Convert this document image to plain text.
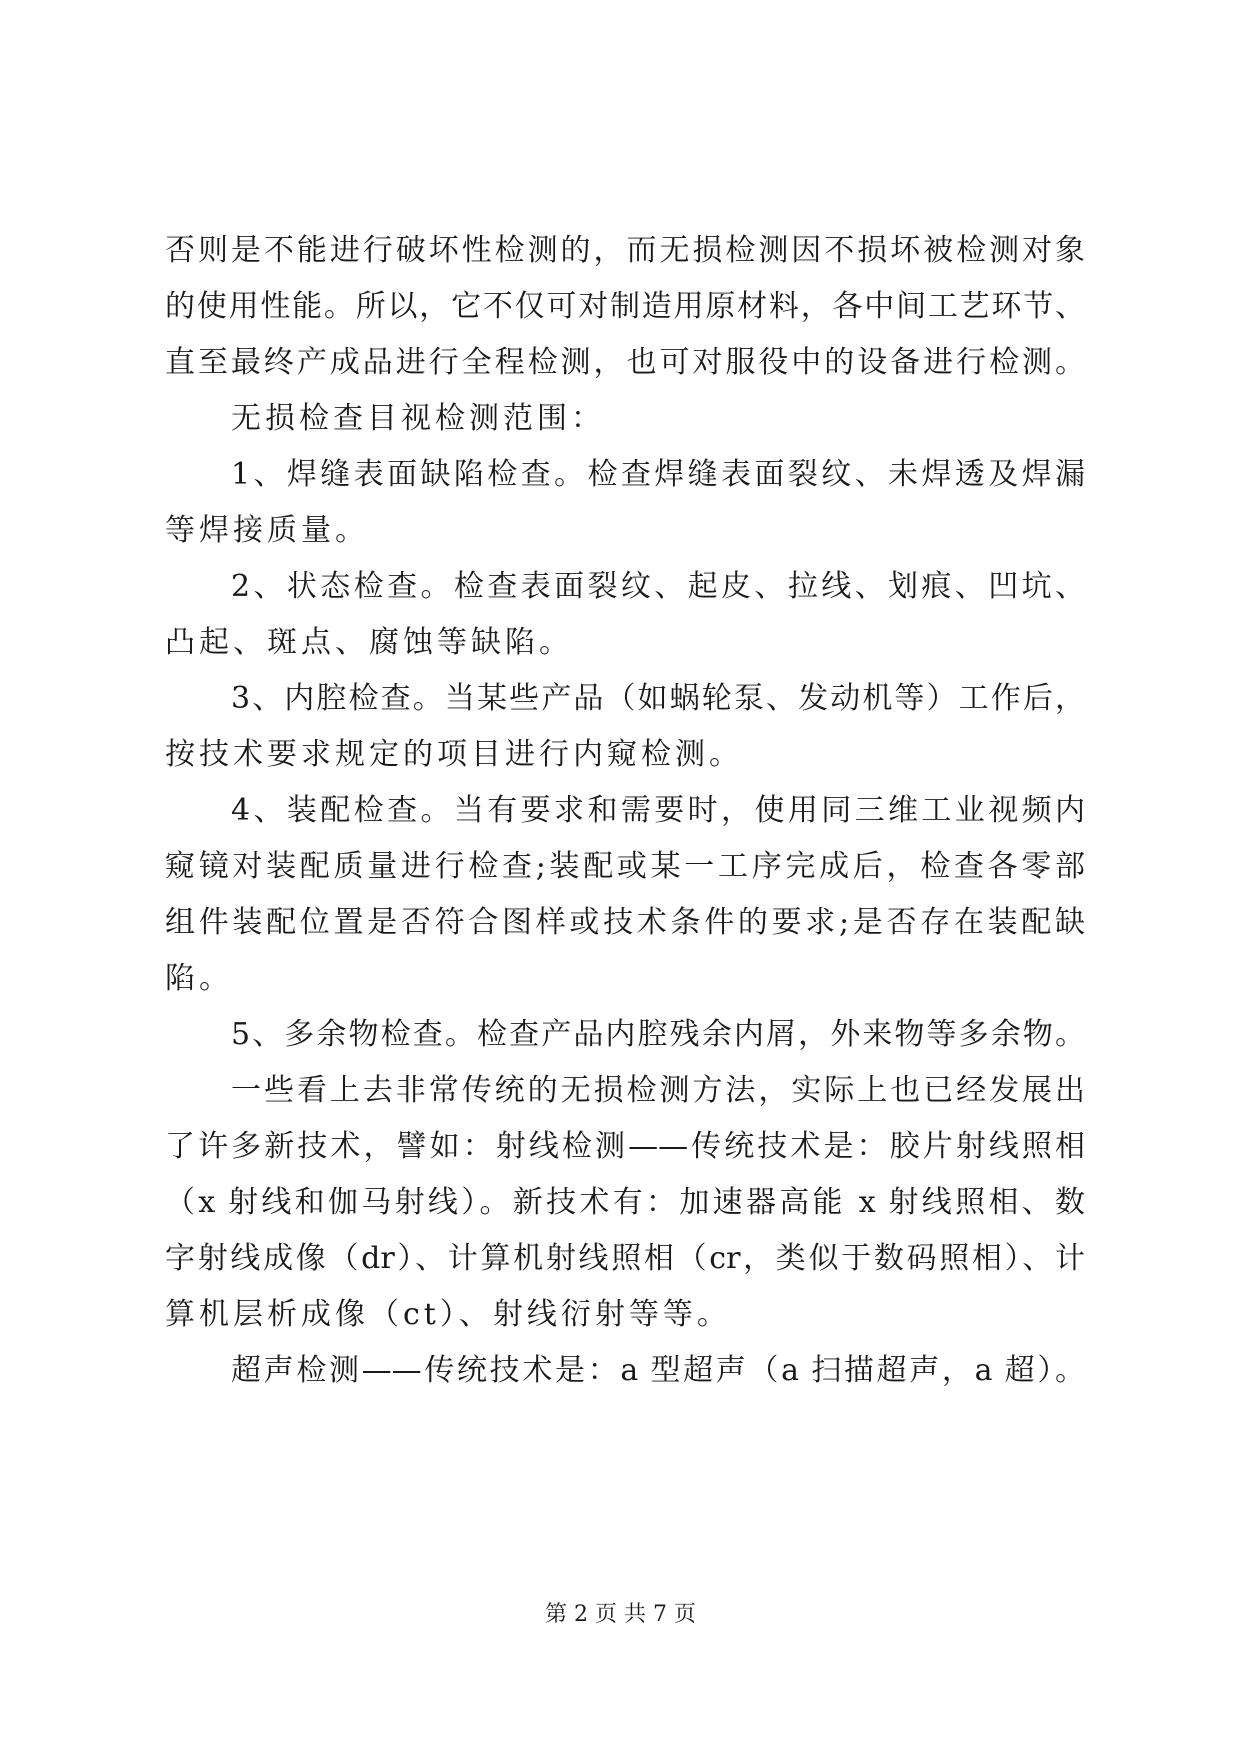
否则是不能进行破坏性检测的，而无损检测因不损坏被检测对象
的使用性能。所以，它不仅可对制造用原材料，各中间工艺环节、
直至最终产成品进行全程检测，也可对服役中的设备进行检测。
无损检查目视检测范围：
1、焊缝表面缺陷检查。检查焊缝表面裂纹、未焊透及焊漏
等焊接质量。
2、状态检查。检查表面裂纹、起皮、拉线、划痕、凹坑、
凸起、斑点、腐蚀等缺陷。
3、内腔检查。当某些产品（如蜗轮泵、发动机等）工作后，
按技术要求规定的项目进行内窥检测。
4、装配检查。当有要求和需要时，使用同三维工业视频内
窥镜对装配质量进行检查;装配或某一工序完成后，检查各零部
组件装配位置是否符合图样或技术条件的要求;是否存在装配缺
陷。
5、多余物检查。检查产品内腔残余内屑，外来物等多余物。
一些看上去非常传统的无损检测方法，实际上也已经发展出
了许多新技术，譬如：射线检测——传统技术是：胶片射线照相
（x 射线和伽马射线）。新技术有：加速器高能 x 射线照相、数
字射线成像（dr）、计算机射线照相（cr，类似于数码照相）、计
算机层析成像（ct）、射线衍射等等。
超声检测——传统技术是：a 型超声（a 扫描超声，a 超）。
第 2 页 共 7 页
